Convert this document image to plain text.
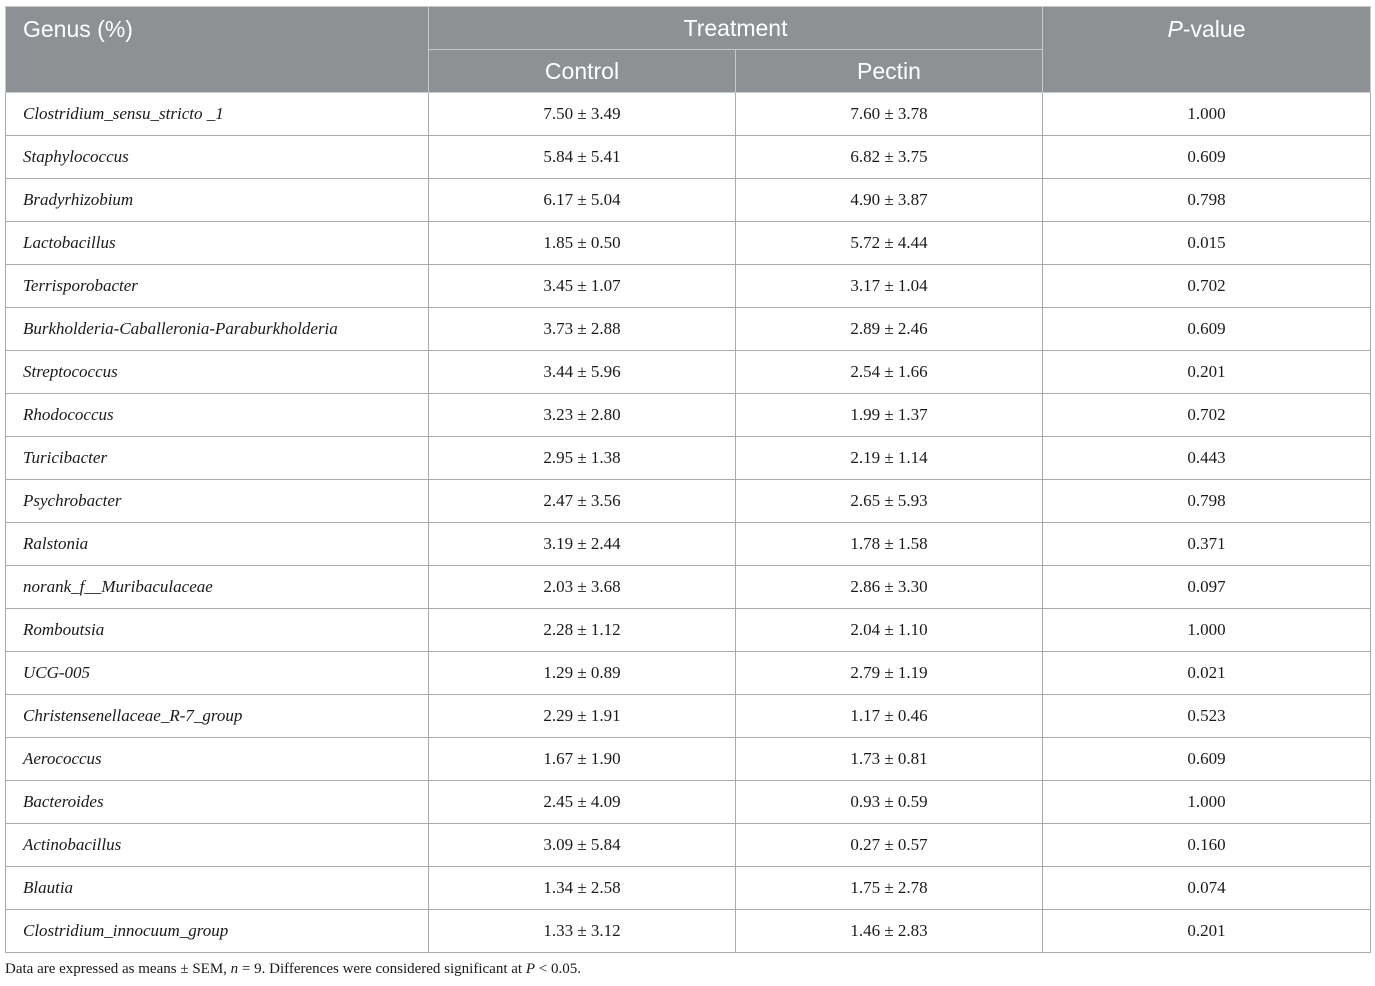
Genus (%)	Treatment		P-value
	Control	Pectin	
Clostridium_sensu_stricto _1	7.50 ± 3.49	7.60 ± 3.78	1.000
Staphylococcus	5.84 ± 5.41	6.82 ± 3.75	0.609
Bradyrhizobium	6.17 ± 5.04	4.90 ± 3.87	0.798
Lactobacillus	1.85 ± 0.50	5.72 ± 4.44	0.015
Terrisporobacter	3.45 ± 1.07	3.17 ± 1.04	0.702
Burkholderia-Caballeronia-Paraburkholderia	3.73 ± 2.88	2.89 ± 2.46	0.609
Streptococcus	3.44 ± 5.96	2.54 ± 1.66	0.201
Rhodococcus	3.23 ± 2.80	1.99 ± 1.37	0.702
Turicibacter	2.95 ± 1.38	2.19 ± 1.14	0.443
Psychrobacter	2.47 ± 3.56	2.65 ± 5.93	0.798
Ralstonia	3.19 ± 2.44	1.78 ± 1.58	0.371
norank_f__Muribaculaceae	2.03 ± 3.68	2.86 ± 3.30	0.097
Romboutsia	2.28 ± 1.12	2.04 ± 1.10	1.000
UCG-005	1.29 ± 0.89	2.79 ± 1.19	0.021
Christensenellaceae_R-7_group	2.29 ± 1.91	1.17 ± 0.46	0.523
Aerococcus	1.67 ± 1.90	1.73 ± 0.81	0.609
Bacteroides	2.45 ± 4.09	0.93 ± 0.59	1.000
Actinobacillus	3.09 ± 5.84	0.27 ± 0.57	0.160
Blautia	1.34 ± 2.58	1.75 ± 2.78	0.074
Clostridium_innocuum_group	1.33 ± 3.12	1.46 ± 2.83	0.201
Data are expressed as means ± SEM, n = 9. Differences were considered significant at P < 0.05.
